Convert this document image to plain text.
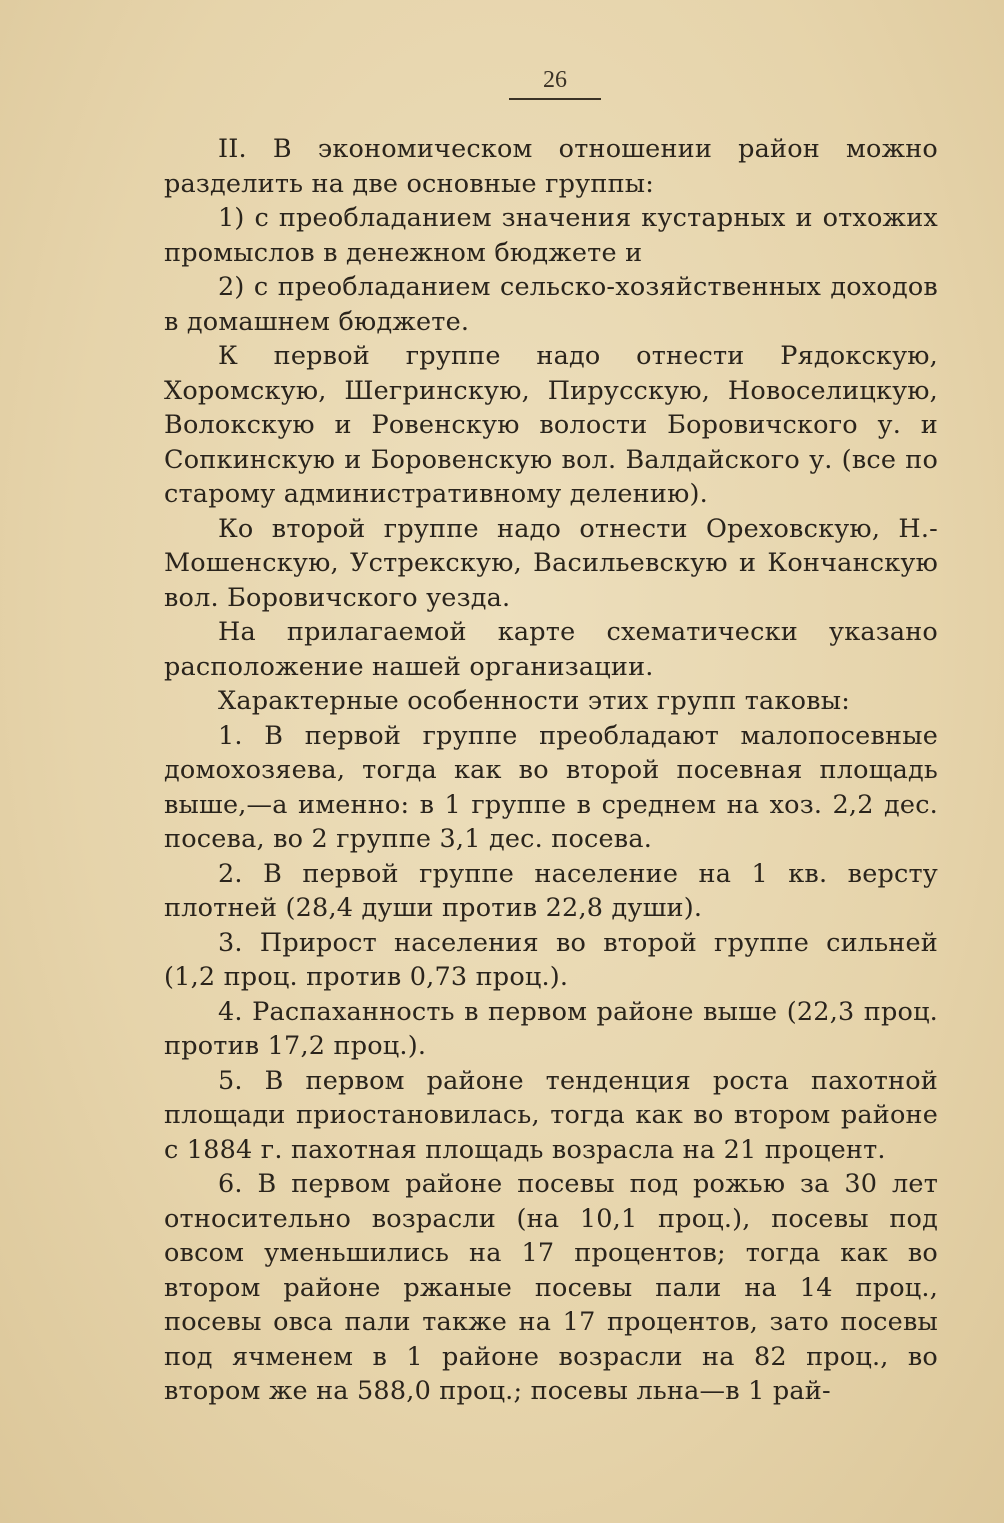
26

II. В экономическом отношении район можно разделить на две основные группы:

1) с преобладанием значения кустарных и отхожих промыслов в денежном бюджете и

2) с преобладанием сельско-хозяйственных доходов в домашнем бюджете.

К первой группе надо отнести Рядокскую, Хоромскую, Шегринскую, Пирусскую, Новоселицкую, Волокскую и Ровенскую волости Боровичского у. и Сопкинскую и Боровенскую вол. Валдайского у. (все по старому административному делению).

Ко второй группе надо отнести Ореховскую, Н.-Мошенскую, Устрекскую, Васильевскую и Кончанскую вол. Боровичского уезда.

На прилагаемой карте схематически указано расположение нашей организации.

Характерные особенности этих групп таковы:

1. В первой группе преобладают малопосевные домохозяева, тогда как во второй посевная площадь выше,—а именно: в 1 группе в среднем на хоз. 2,2 дес. посева, во 2 группе 3,1 дес. посева.

2. В первой группе население на 1 кв. версту плотней (28,4 души против 22,8 души).

3. Прирост населения во второй группе сильней (1,2 проц. против 0,73 проц.).

4. Распаханность в первом районе выше (22,3 проц. против 17,2 проц.).

5. В первом районе тенденция роста пахотной площади приостановилась, тогда как во втором районе с 1884 г. пахотная площадь возрасла на 21 процент.

6. В первом районе посевы под рожью за 30 лет относительно возрасли (на 10,1 проц.), посевы под овсом уменьшились на 17 процентов; тогда как во втором районе ржаные посевы пали на 14 проц., посевы овса пали также на 17 процентов, зато посевы под ячменем в 1 районе возрасли на 82 проц., во втором же на 588,0 проц.; посевы льна—в 1 рай-
